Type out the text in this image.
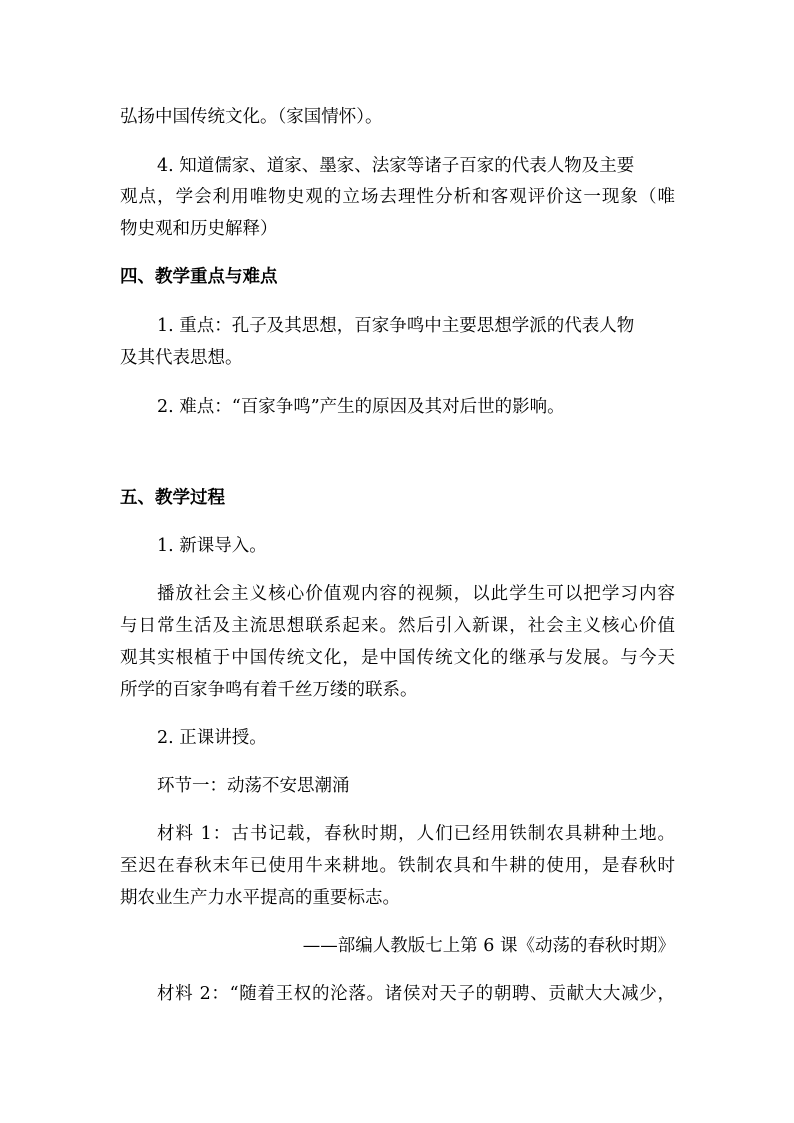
弘扬中国传统文化。（家国情怀）。
4. 知道儒家、道家、墨家、法家等诸子百家的代表人物及主要
观点，学会利用唯物史观的立场去理性分析和客观评价这一现象（唯
物史观和历史解释）
四、教学重点与难点
1. 重点：孔子及其思想，百家争鸣中主要思想学派的代表人物
及其代表思想。
2. 难点：“百家争鸣”产生的原因及其对后世的影响。
五、教学过程
1. 新课导入。
播放社会主义核心价值观内容的视频，以此学生可以把学习内容
与日常生活及主流思想联系起来。然后引入新课，社会主义核心价值
观其实根植于中国传统文化，是中国传统文化的继承与发展。与今天
所学的百家争鸣有着千丝万缕的联系。
2. 正课讲授。
环节一：动荡不安思潮涌
材料 1：古书记载，春秋时期，人们已经用铁制农具耕种土地。
至迟在春秋末年已使用牛来耕地。铁制农具和牛耕的使用，是春秋时
期农业生产力水平提高的重要标志。
——部编人教版七上第 6 课《动荡的春秋时期》
材料 2：“随着王权的沦落。诸侯对天子的朝聘、贡献大大减少，
